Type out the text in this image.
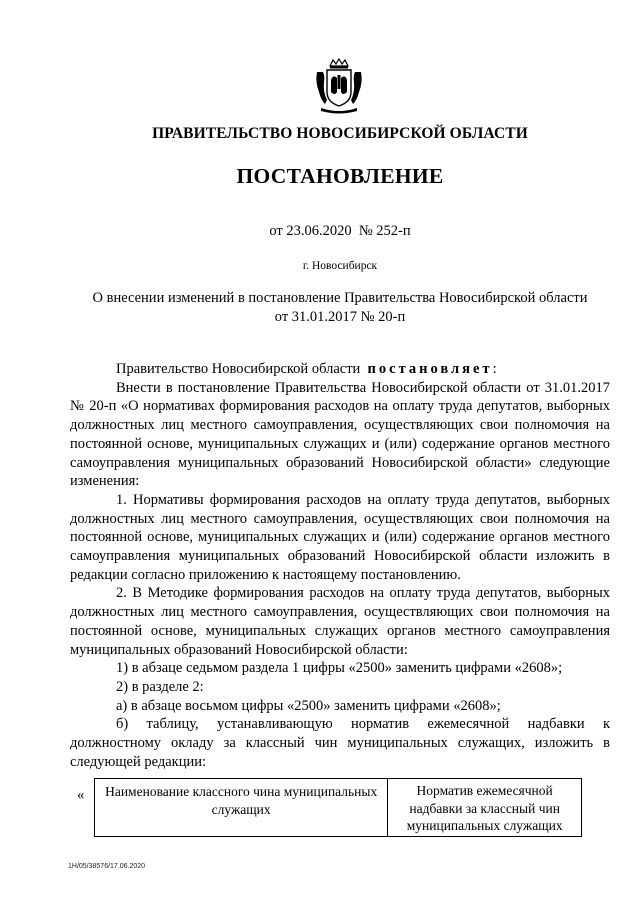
ПРАВИТЕЛЬСТВО НОВОСИБИРСКОЙ ОБЛАСТИ
ПОСТАНОВЛЕНИЕ
от 23.06.2020  № 252-п
г. Новосибирск
О внесении изменений в постановление Правительства Новосибирской области
от 31.01.2017 № 20-п

Правительство Новосибирской области постановляет:

Внести в постановление Правительства Новосибирской области от 31.01.2017 № 20-п «О нормативах формирования расходов на оплату труда депутатов, выборных должностных лиц местного самоуправления, осуществляющих свои полномочия на постоянной основе, муниципальных служащих и (или) содержание органов местного самоуправления муниципальных образований Новосибирской области» следующие изменения:

1. Нормативы формирования расходов на оплату труда депутатов, выборных должностных лиц местного самоуправления, осуществляющих свои полномочия на постоянной основе, муниципальных служащих и (или) содержание органов местного самоуправления муниципальных образований Новосибирской области изложить в редакции согласно приложению к настоящему постановлению.

2. В Методике формирования расходов на оплату труда депутатов, выборных должностных лиц местного самоуправления, осуществляющих свои полномочия на постоянной основе, муниципальных служащих органов местного самоуправления муниципальных образований Новосибирской области:

1) в абзаце седьмом раздела 1 цифры «2500» заменить цифрами «2608»;

2) в разделе 2:

а) в абзаце восьмом цифры «2500» заменить цифрами «2608»;

б) таблицу, устанавливающую норматив ежемесячной надбавки к должностному окладу за классный чин муниципальных служащих, изложить в следующей редакции:

« Наименование классного чина муниципальных служащих	Норматив ежемесячной надбавки за классный чин муниципальных служащих
1Н/05/38576/17.06.2020
